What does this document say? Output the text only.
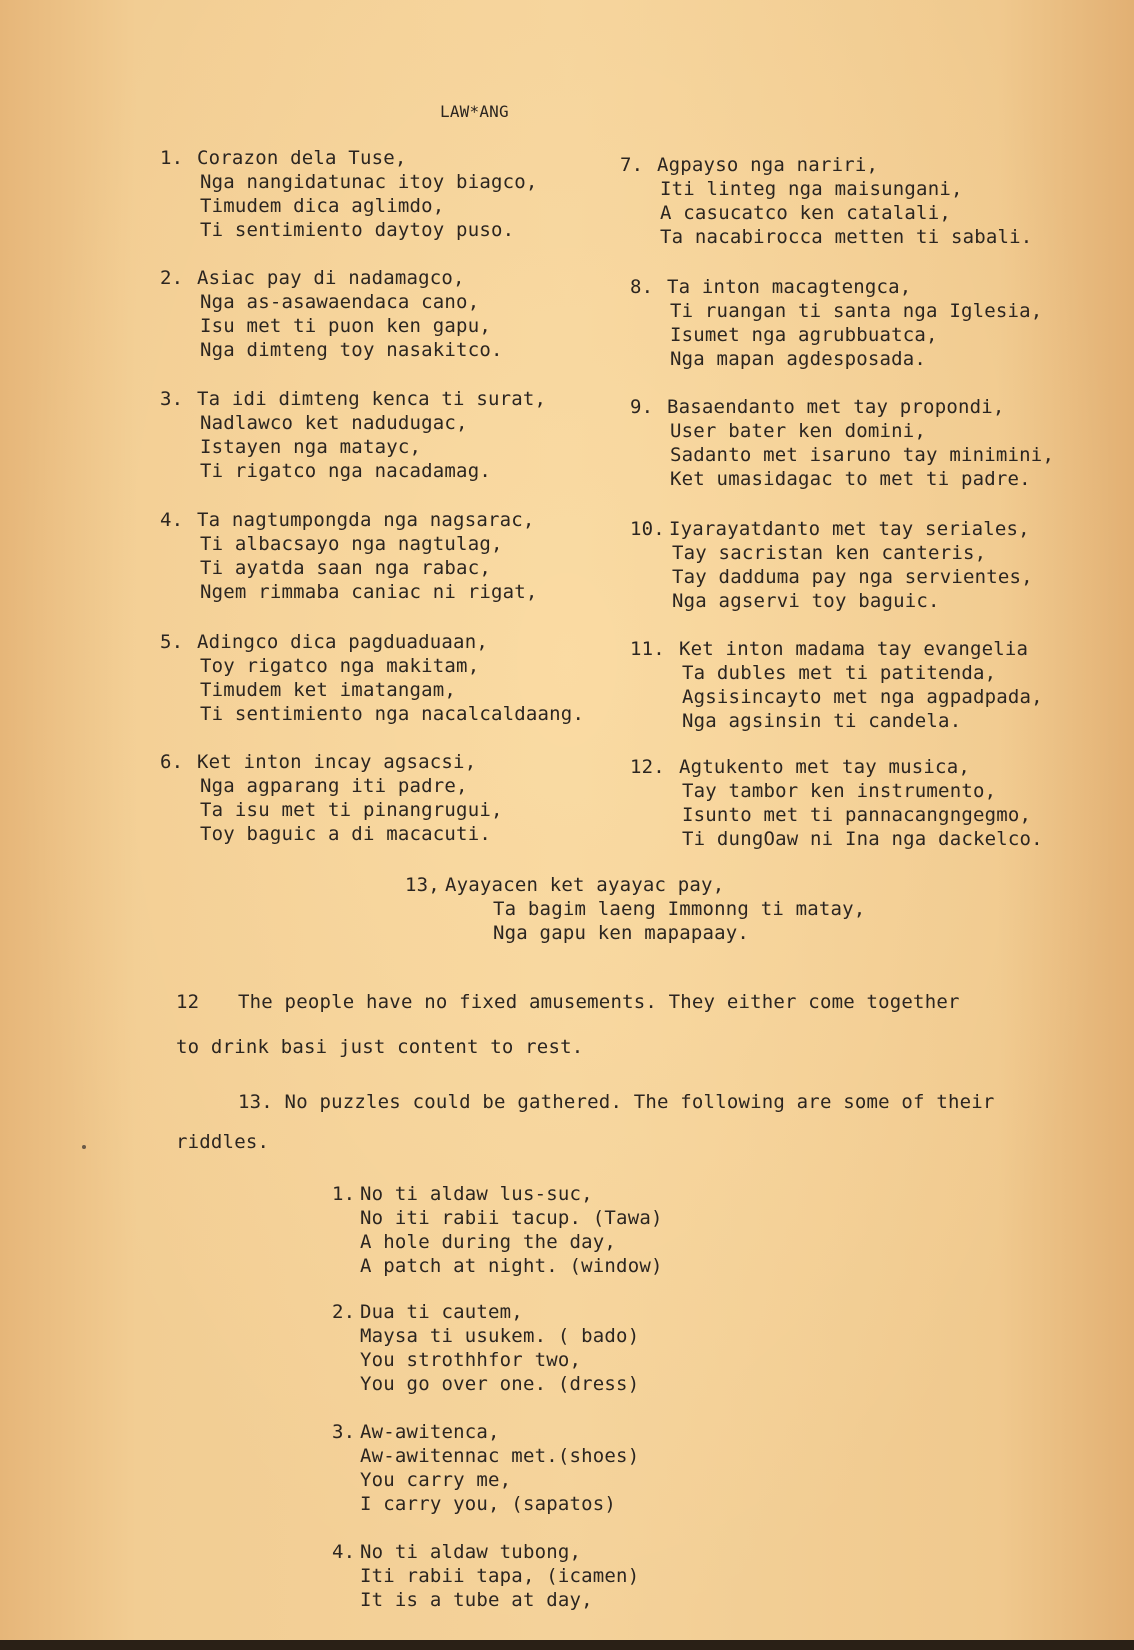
LAW*ANG
1. Corazon dela Tuse,
Nga nangidatunac itoy biagco,
Timudem dica aglimdo,
Ti sentimiento daytoy puso.
2. Asiac pay di nadamagco,
Nga as-asawaendaca cano,
Isu met ti puon ken gapu,
Nga dimteng toy nasakitco.
3. Ta idi dimteng kenca ti surat,
Nadlawco ket nadudugac,
Istayen nga matayc,
Ti rigatco nga nacadamag.
4. Ta nagtumpongda nga nagsarac,
Ti albacsayo nga nagtulag,
Ti ayatda saan nga rabac,
Ngem rimmaba caniac ni rigat,
5. Adingco dica pagduaduaan,
Toy rigatco nga makitam,
Timudem ket imatangam,
Ti sentimiento nga nacalcaldaang.
6. Ket inton incay agsacsi,
Nga agparang iti padre,
Ta isu met ti pinangrugui,
Toy baguic a di macacuti.
7. Agpayso nga nariri,
Iti linteg nga maisungani,
A casucatco ken catalali,
Ta nacabirocca metten ti sabali.
8. Ta inton macagtengca,
Ti ruangan ti santa nga Iglesia,
Isumet nga agrubbuatca,
Nga mapan agdesposada.
9. Basaendanto met tay propondi,
User bater ken domini,
Sadanto met isaruno tay minimini,
Ket umasidagac to met ti padre.
10. Iyarayatdanto met tay seriales,
Tay sacristan ken canteris,
Tay dadduma pay nga servientes,
Nga agservi toy baguic.
11. Ket inton madama tay evangelia
Ta dubles met ti patitenda,
Agsisincayto met nga agpadpada,
Nga agsinsin ti candela.
12. Agtukento met tay musica,
Tay tambor ken instrumento,
Isunto met ti pannacangngegmo,
Ti dungOaw ni Ina nga dackelco.
13, Ayayacen ket ayayac pay,
Ta bagim laeng Immonng ti matay,
Nga gapu ken mapapaay.
12 The people have no fixed amusements. They either come together
to drink basi just content to rest.
13. No puzzles could be gathered. The following are some of their
riddles.
1. No ti aldaw lus-suc,
No iti rabii tacup. (Tawa)
A hole during the day,
A patch at night. (window)
2. Dua ti cautem,
Maysa ti usukem. ( bado)
You strothhfor two,
You go over one. (dress)
3. Aw-awitenca,
Aw-awitennac met.(shoes)
You carry me,
I carry you, (sapatos)
4. No ti aldaw tubong,
Iti rabii tapa, (icamen)
It is a tube at day,
